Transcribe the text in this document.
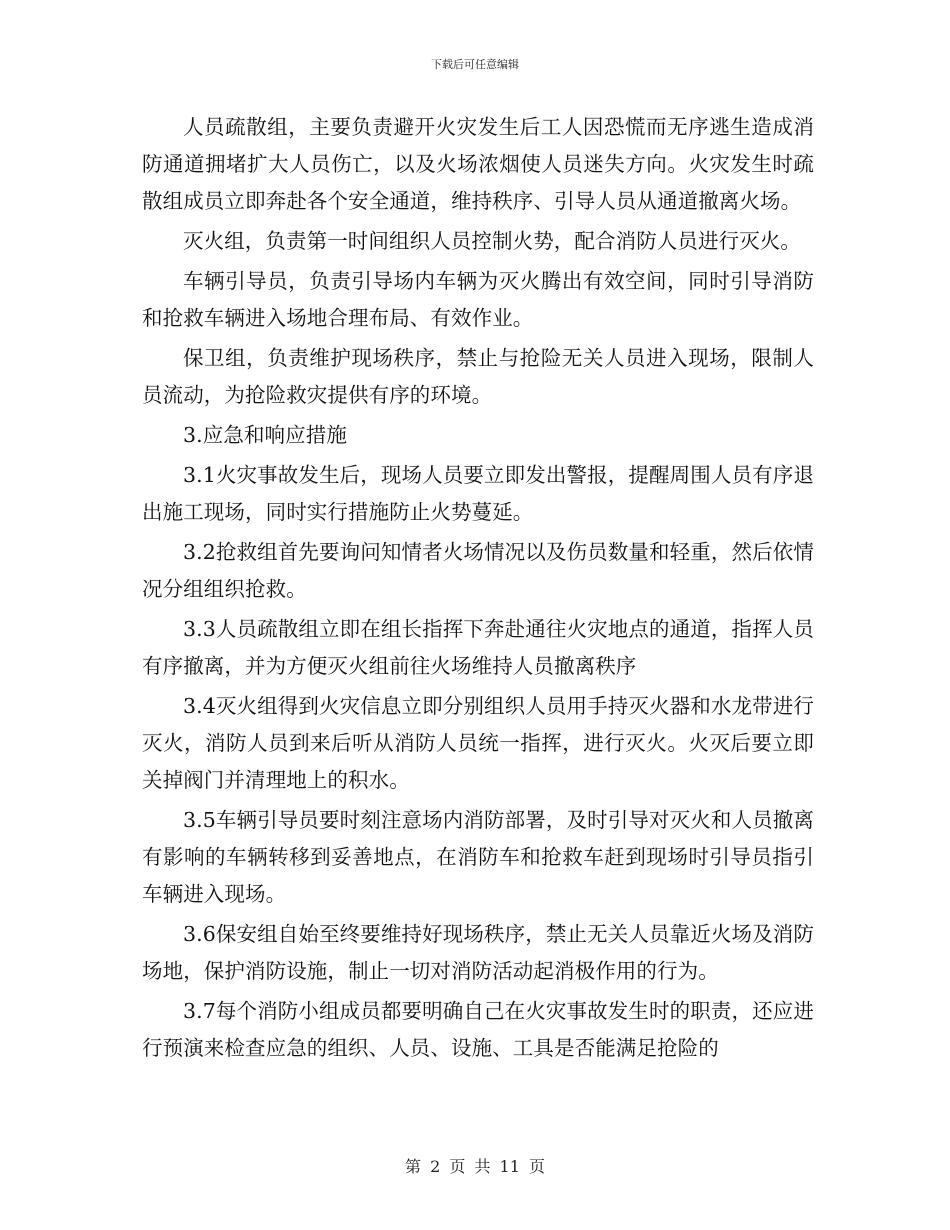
下载后可任意编辑

人员疏散组，主要负责避开火灾发生后工人因恐慌而无序逃生造成消防通道拥堵扩大人员伤亡，以及火场浓烟使人员迷失方向。火灾发生时疏散组成员立即奔赴各个安全通道，维持秩序、引导人员从通道撤离火场。

灭火组，负责第一时间组织人员控制火势，配合消防人员进行灭火。

车辆引导员，负责引导场内车辆为灭火腾出有效空间，同时引导消防和抢救车辆进入场地合理布局、有效作业。

保卫组，负责维护现场秩序，禁止与抢险无关人员进入现场，限制人员流动，为抢险救灾提供有序的环境。

3.应急和响应措施

3.1火灾事故发生后，现场人员要立即发出警报，提醒周围人员有序退出施工现场，同时实行措施防止火势蔓延。

3.2抢救组首先要询问知情者火场情况以及伤员数量和轻重，然后依情况分组组织抢救。

3.3人员疏散组立即在组长指挥下奔赴通往火灾地点的通道，指挥人员有序撤离，并为方便灭火组前往火场维持人员撤离秩序

3.4灭火组得到火灾信息立即分别组织人员用手持灭火器和水龙带进行灭火，消防人员到来后听从消防人员统一指挥，进行灭火。火灭后要立即关掉阀门并清理地上的积水。

3.5车辆引导员要时刻注意场内消防部署，及时引导对灭火和人员撤离有影响的车辆转移到妥善地点，在消防车和抢救车赶到现场时引导员指引车辆进入现场。

3.6保安组自始至终要维持好现场秩序，禁止无关人员靠近火场及消防场地，保护消防设施，制止一切对消防活动起消极作用的行为。

3.7每个消防小组成员都要明确自己在火灾事故发生时的职责，还应进行预演来检查应急的组织、人员、设施、工具是否能满足抢险的

第 2 页 共 11 页
